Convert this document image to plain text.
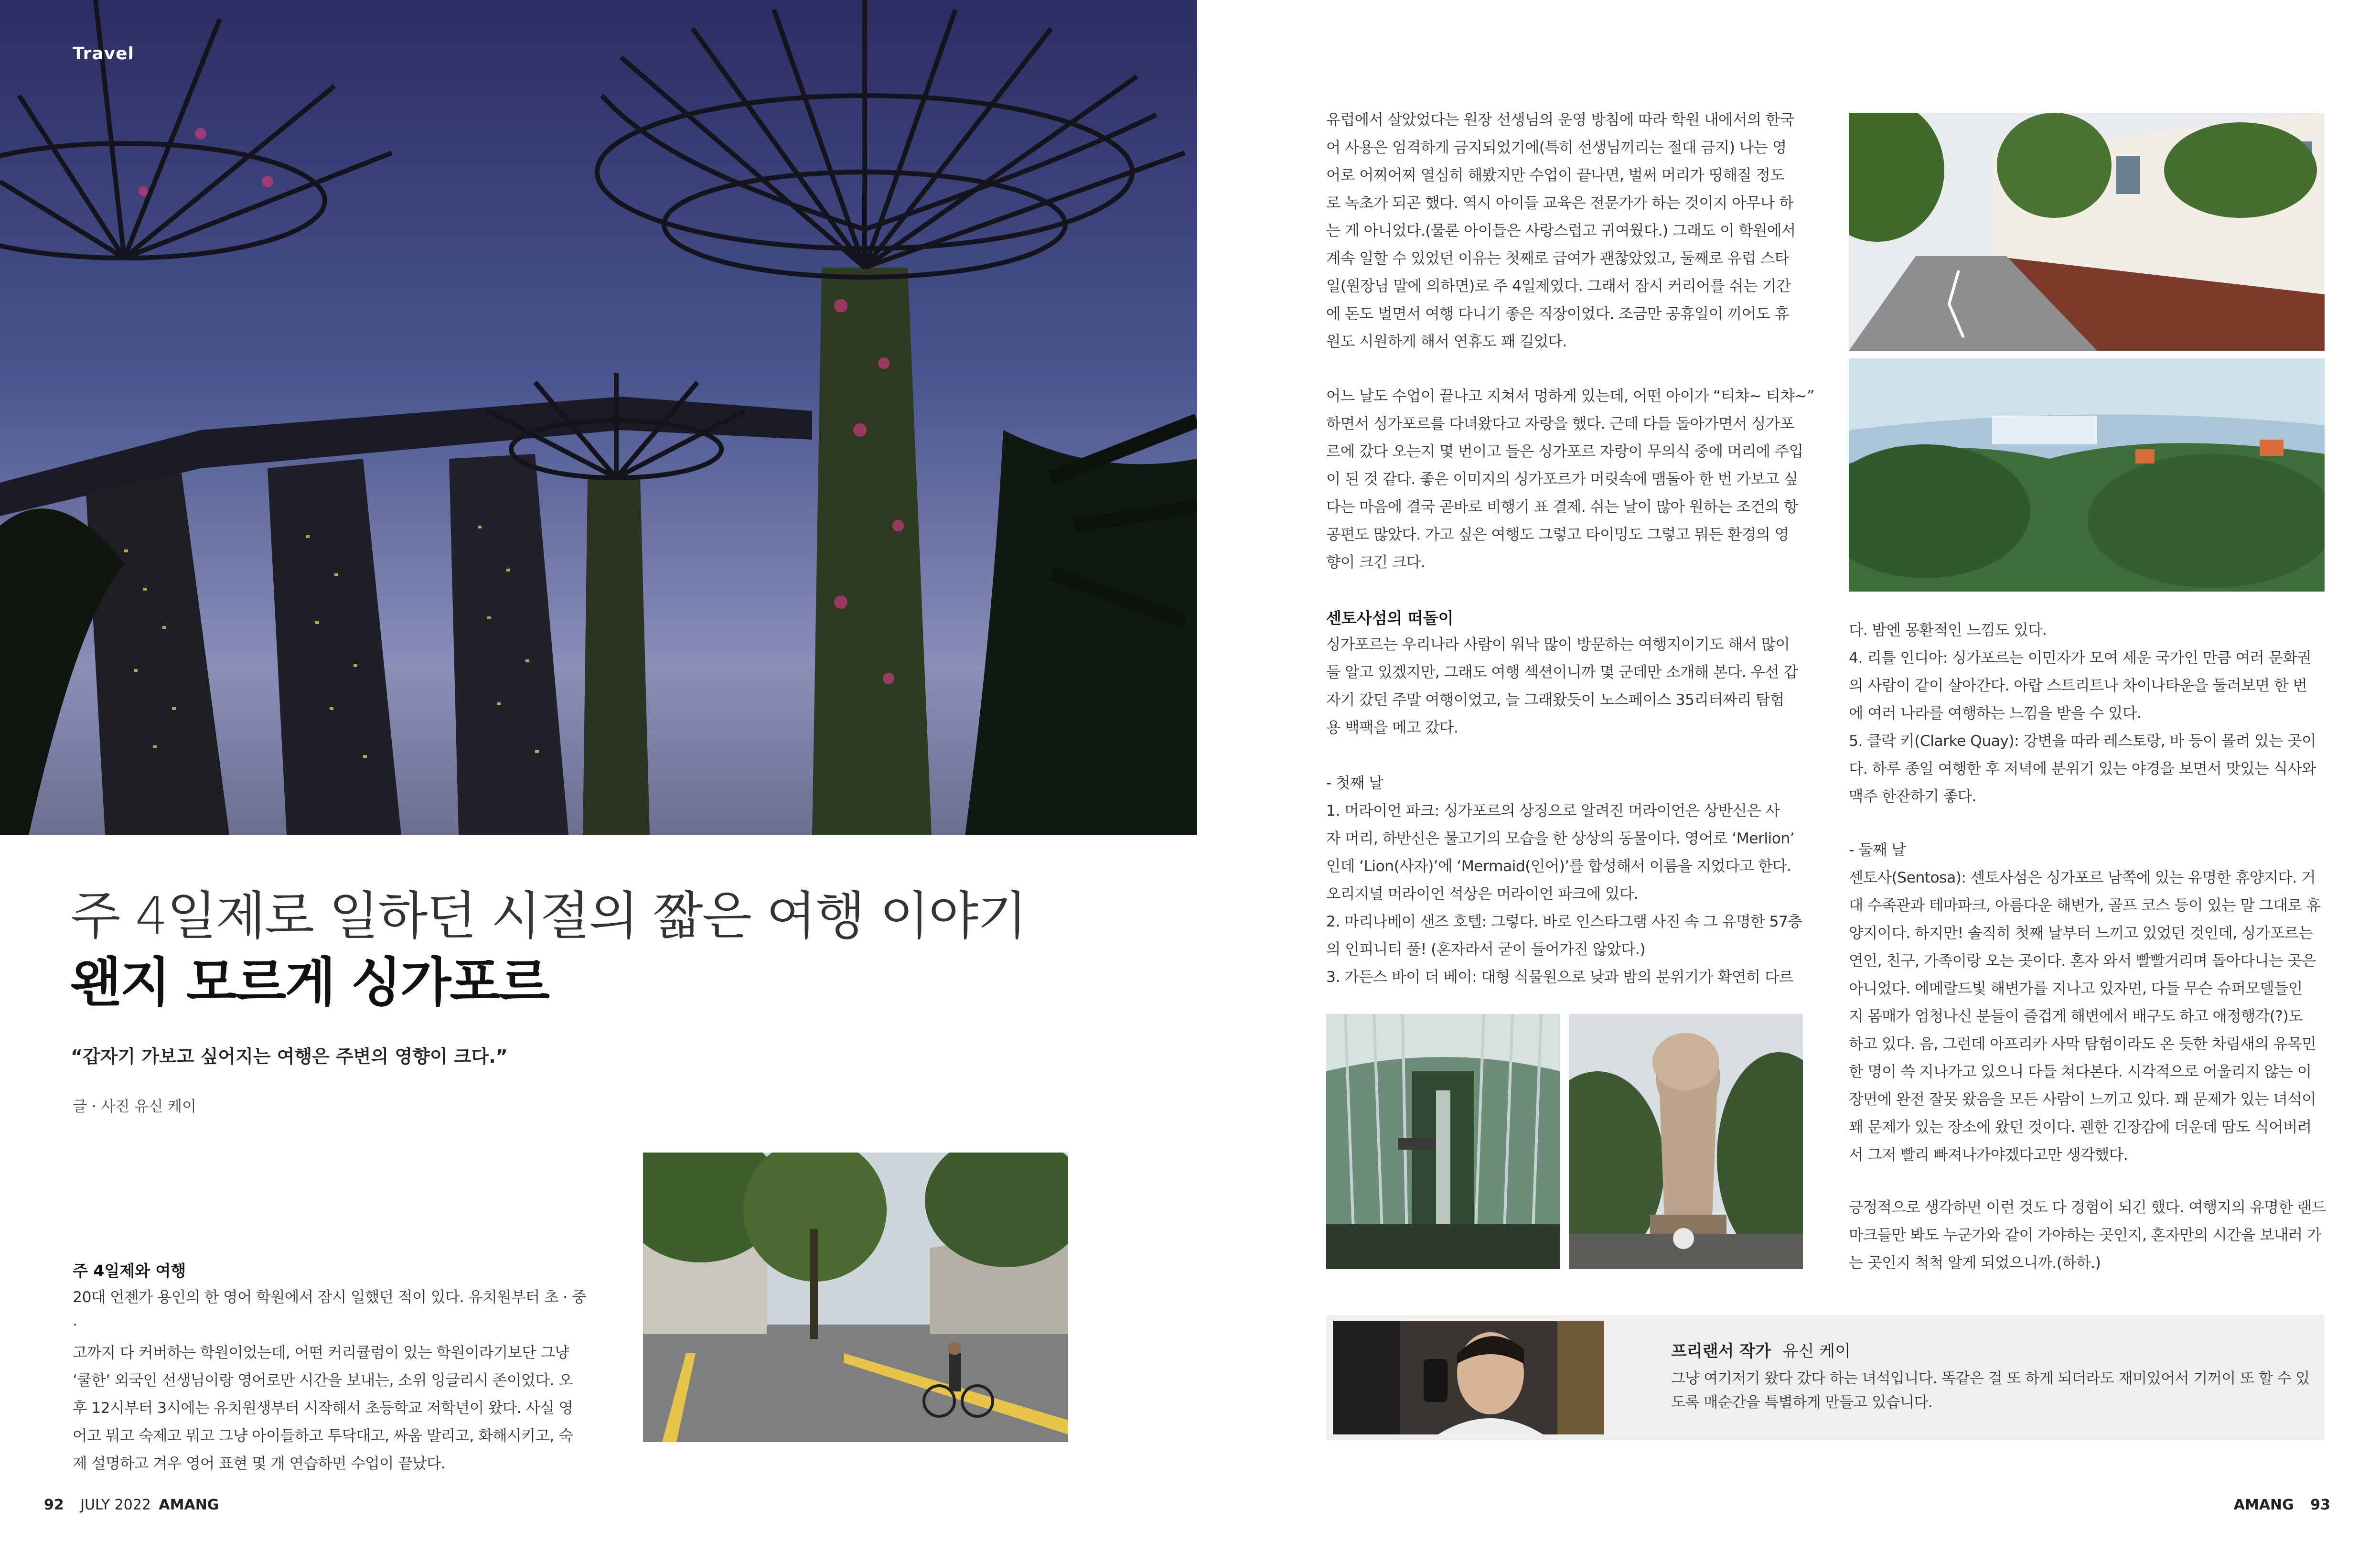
Travel
주 4일제로 일하던 시절의 짧은 여행 이야기
왠지 모르게 싱가포르
“갑자기 가보고 싶어지는 여행은 주변의 영향이 크다.”
글 · 사진 유신 케이
주 4일제와 여행
20대 언젠가 용인의 한 영어 학원에서 잠시 일했던 적이 있다. 유치원부터 초 · 중 ·
고까지 다 커버하는 학원이었는데, 어떤 커리큘럼이 있는 학원이라기보단 그냥
‘쿨한’ 외국인 선생님이랑 영어로만 시간을 보내는, 소위 잉글리시 존이었다. 오
후 12시부터 3시에는 유치원생부터 시작해서 초등학교 저학년이 왔다. 사실 영
어고 뭐고 숙제고 뭐고 그냥 아이들하고 투닥대고, 싸움 말리고, 화해시키고, 숙
제 설명하고 겨우 영어 표현 몇 개 연습하면 수업이 끝났다.
유럽에서 살았었다는 원장 선생님의 운영 방침에 따라 학원 내에서의 한국
어 사용은 엄격하게 금지되었기에(특히 선생님끼리는 절대 금지) 나는 영
어로 어찌어찌 열심히 해봤지만 수업이 끝나면, 벌써 머리가 띵해질 정도
로 녹초가 되곤 했다. 역시 아이들 교육은 전문가가 하는 것이지 아무나 하
는 게 아니었다.(물론 아이들은 사랑스럽고 귀여웠다.) 그래도 이 학원에서
계속 일할 수 있었던 이유는 첫째로 급여가 괜찮았었고, 둘째로 유럽 스타
일(원장님 말에 의하면)로 주 4일제였다. 그래서 잠시 커리어를 쉬는 기간
에 돈도 벌면서 여행 다니기 좋은 직장이었다. 조금만 공휴일이 끼어도 휴
원도 시원하게 해서 연휴도 꽤 길었다.
어느 날도 수업이 끝나고 지쳐서 멍하게 있는데, 어떤 아이가 “티챠~ 티챠~”
하면서 싱가포르를 다녀왔다고 자랑을 했다. 근데 다들 돌아가면서 싱가포
르에 갔다 오는지 몇 번이고 들은 싱가포르 자랑이 무의식 중에 머리에 주입
이 된 것 같다. 좋은 이미지의 싱가포르가 머릿속에 맴돌아 한 번 가보고 싶
다는 마음에 결국 곧바로 비행기 표 결제. 쉬는 날이 많아 원하는 조건의 항
공편도 많았다. 가고 싶은 여행도 그렇고 타이밍도 그렇고 뭐든 환경의 영
향이 크긴 크다.
센토사섬의 떠돌이
싱가포르는 우리나라 사람이 워낙 많이 방문하는 여행지이기도 해서 많이
들 알고 있겠지만, 그래도 여행 섹션이니까 몇 군데만 소개해 본다. 우선 갑
자기 갔던 주말 여행이었고, 늘 그래왔듯이 노스페이스 35리터짜리 탐험
용 백팩을 메고 갔다.
- 첫째 날
1. 머라이언 파크: 싱가포르의 상징으로 알려진 머라이언은 상반신은 사
자 머리, 하반신은 물고기의 모습을 한 상상의 동물이다. 영어로 ‘Merlion’
인데 ‘Lion(사자)’에 ‘Mermaid(인어)’를 합성해서 이름을 지었다고 한다.
오리지널 머라이언 석상은 머라이언 파크에 있다.
2. 마리나베이 샌즈 호텔: 그렇다. 바로 인스타그램 사진 속 그 유명한 57층
의 인피니티 풀! (혼자라서 굳이 들어가진 않았다.)
3. 가든스 바이 더 베이: 대형 식물원으로 낮과 밤의 분위기가 확연히 다르
다. 밤엔 몽환적인 느낌도 있다.
4. 리틀 인디아: 싱가포르는 이민자가 모여 세운 국가인 만큼 여러 문화권
의 사람이 같이 살아간다. 아랍 스트리트나 차이나타운을 둘러보면 한 번
에 여러 나라를 여행하는 느낌을 받을 수 있다.
5. 클락 키(Clarke Quay): 강변을 따라 레스토랑, 바 등이 몰려 있는 곳이
다. 하루 종일 여행한 후 저녁에 분위기 있는 야경을 보면서 맛있는 식사와
맥주 한잔하기 좋다.
- 둘째 날
센토사(Sentosa): 센토사섬은 싱가포르 남쪽에 있는 유명한 휴양지다. 거
대 수족관과 테마파크, 아름다운 해변가, 골프 코스 등이 있는 말 그대로 휴
양지이다. 하지만! 솔직히 첫째 날부터 느끼고 있었던 것인데, 싱가포르는
연인, 친구, 가족이랑 오는 곳이다. 혼자 와서 빨빨거리며 돌아다니는 곳은
아니었다. 에메랄드빛 해변가를 지나고 있자면, 다들 무슨 슈퍼모델들인
지 몸매가 엄청나신 분들이 즐겁게 해변에서 배구도 하고 애정행각(?)도
하고 있다. 음, 그런데 아프리카 사막 탐험이라도 온 듯한 차림새의 유목민
한 명이 쓱 지나가고 있으니 다들 쳐다본다. 시각적으로 어울리지 않는 이
장면에 완전 잘못 왔음을 모든 사람이 느끼고 있다. 꽤 문제가 있는 녀석이
꽤 문제가 있는 장소에 왔던 것이다. 괜한 긴장감에 더운데 땀도 식어버려
서 그저 빨리 빠져나가야겠다고만 생각했다.
긍정적으로 생각하면 이런 것도 다 경험이 되긴 했다. 여행지의 유명한 랜드
마크들만 봐도 누군가와 같이 가야하는 곳인지, 혼자만의 시간을 보내러 가
는 곳인지 척척 알게 되었으니까.(하하.)
프리랜서 작가 유신 케이
그냥 여기저기 왔다 갔다 하는 녀석입니다. 똑같은 걸 또 하게 되더라도 재미있어서 기꺼이 또 할 수 있도록 매순간을 특별하게 만들고 있습니다.
92 JULY 2022 AMANG	AMANG 93
